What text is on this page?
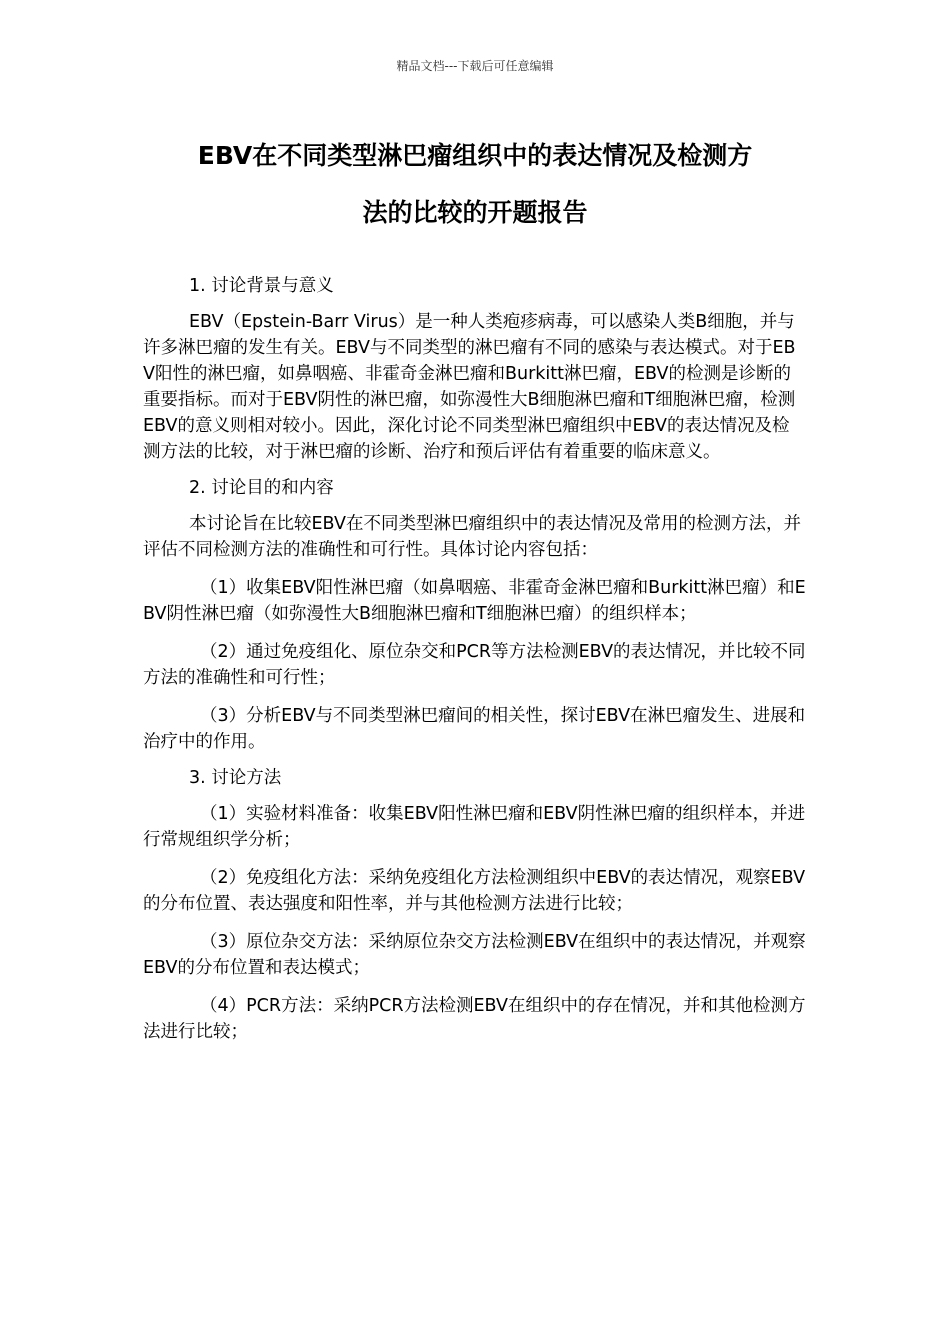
精品文档---下载后可任意编辑
EBV在不同类型淋巴瘤组织中的表达情况及检测方
法的比较的开题报告

1. 讨论背景与意义

EBV（Epstein-Barr Virus）是一种人类疱疹病毒，可以感染人类B细胞，并与许多淋巴瘤的发生有关。EBV与不同类型的淋巴瘤有不同的感染与表达模式。对于EBV阳性的淋巴瘤，如鼻咽癌、非霍奇金淋巴瘤和Burkitt淋巴瘤，EBV的检测是诊断的重要指标。而对于EBV阴性的淋巴瘤，如弥漫性大B细胞淋巴瘤和T细胞淋巴瘤，检测EBV的意义则相对较小。因此，深化讨论不同类型淋巴瘤组织中EBV的表达情况及检测方法的比较，对于淋巴瘤的诊断、治疗和预后评估有着重要的临床意义。

2. 讨论目的和内容

本讨论旨在比较EBV在不同类型淋巴瘤组织中的表达情况及常用的检测方法，并评估不同检测方法的准确性和可行性。具体讨论内容包括：

（1）收集EBV阳性淋巴瘤（如鼻咽癌、非霍奇金淋巴瘤和Burkitt淋巴瘤）和EBV阴性淋巴瘤（如弥漫性大B细胞淋巴瘤和T细胞淋巴瘤）的组织样本；

（2）通过免疫组化、原位杂交和PCR等方法检测EBV的表达情况，并比较不同方法的准确性和可行性；

（3）分析EBV与不同类型淋巴瘤间的相关性，探讨EBV在淋巴瘤发生、进展和治疗中的作用。

3. 讨论方法

（1）实验材料准备：收集EBV阳性淋巴瘤和EBV阴性淋巴瘤的组织样本，并进行常规组织学分析；

（2）免疫组化方法：采纳免疫组化方法检测组织中EBV的表达情况，观察EBV的分布位置、表达强度和阳性率，并与其他检测方法进行比较；

（3）原位杂交方法：采纳原位杂交方法检测EBV在组织中的表达情况，并观察EBV的分布位置和表达模式；

（4）PCR方法：采纳PCR方法检测EBV在组织中的存在情况，并和其他检测方法进行比较；
